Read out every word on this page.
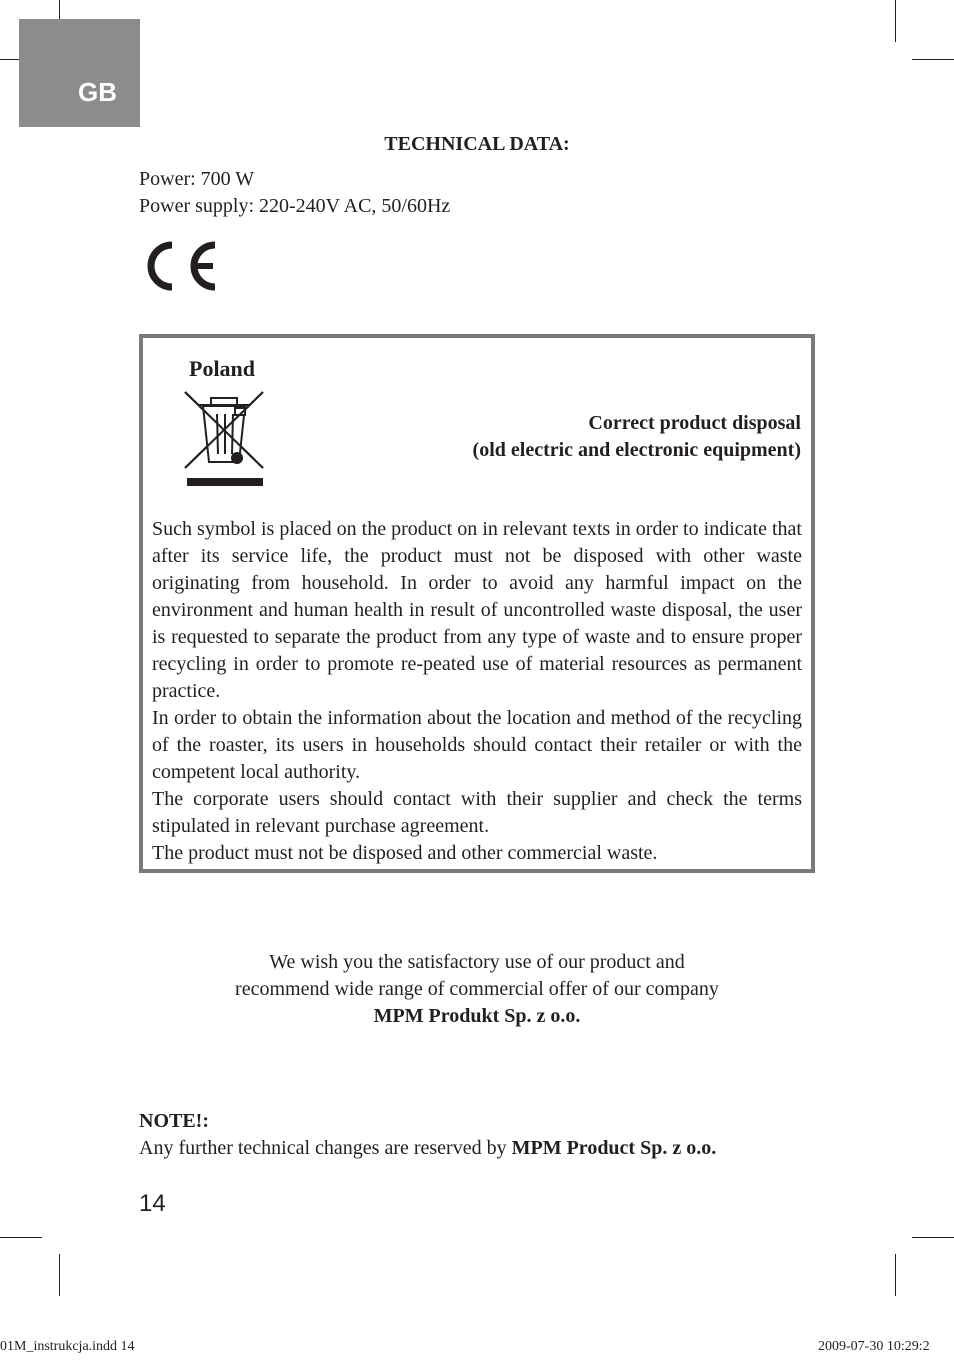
GB
TECHNICAL DATA:
Power: 700 W
Power supply: 220-240V AC, 50/60Hz
Poland
Correct product disposal
(old electric and electronic equipment)

Such symbol is placed on the product on in relevant texts in order to indicate that after its service life, the product must not be disposed with other waste originating from household. In order to avoid any harmful impact on the environment and human health in result of uncontrolled waste disposal, the user is requested to separate the product from any type of waste and to ensure proper recycling in order to promote re-peated use of material resources as permanent practice.

In order to obtain the information about the location and method of the recycling of the roaster, its users in households should contact their retailer or with the competent local authority.

The corporate users should contact with their supplier and check the terms stipulated in relevant purchase agreement.

The product must not be disposed and other commercial waste.

We wish you the satisfactory use of our product and
recommend wide range of commercial offer of our company
MPM Produkt Sp. z o.o.
NOTE!:
Any further technical changes are reserved by MPM Product Sp. z o.o.
14
01M_instrukcja.indd 14	2009-07-30 10:29:2
